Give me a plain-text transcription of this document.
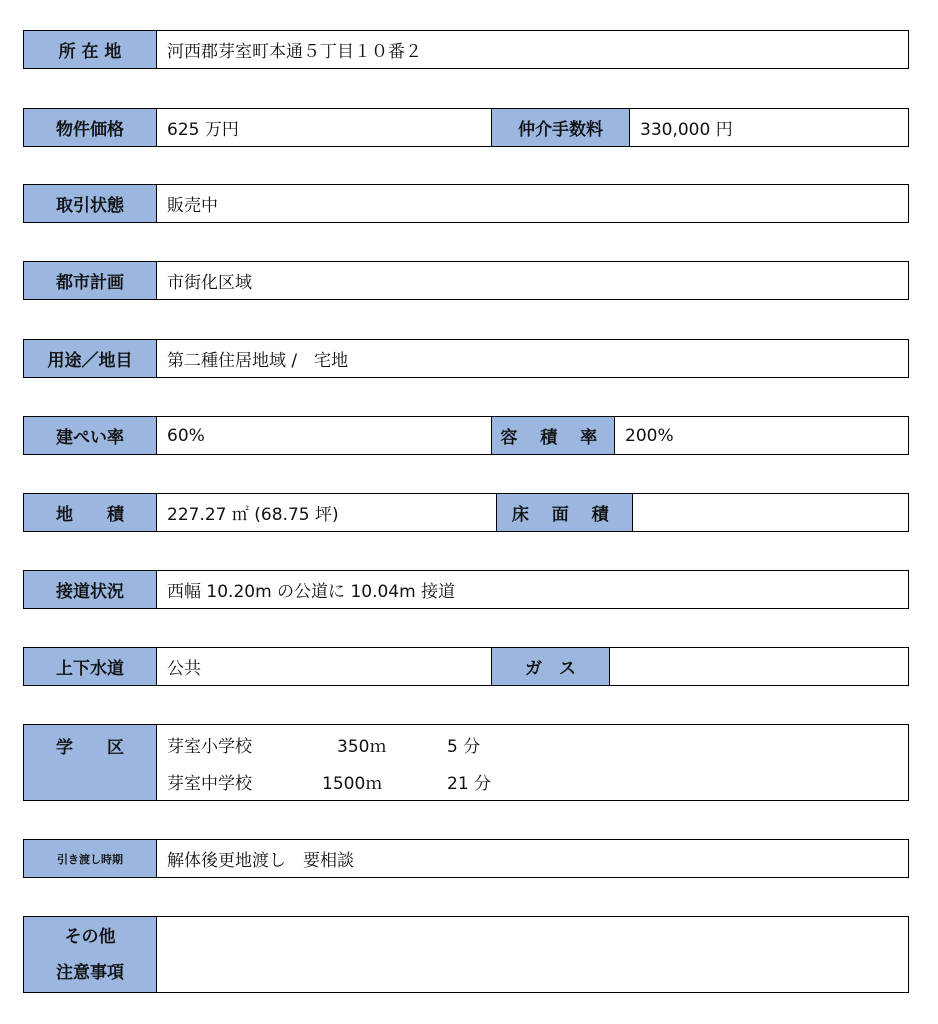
所 在 地	河西郡芽室町本通５丁目１０番２
物件価格	625 万円	仲介手数料	330,000 円
取引状態	販売中
都市計画	市街化区域
用途／地目	第二種住居地域 /　宅地
建ぺい率	60%	容 積 率	200%
地　　積	227.27 ㎡ (68.75 坪)	床 面 積
接道状況	西幅 10.20m の公道に 10.04m 接道
上下水道	公共	ガ　ス
学　　区	芽室小学校	350ｍ	5 分
芽室中学校	1500ｍ	21 分
引き渡し時期	解体後更地渡し　要相談
その他
注意事項
